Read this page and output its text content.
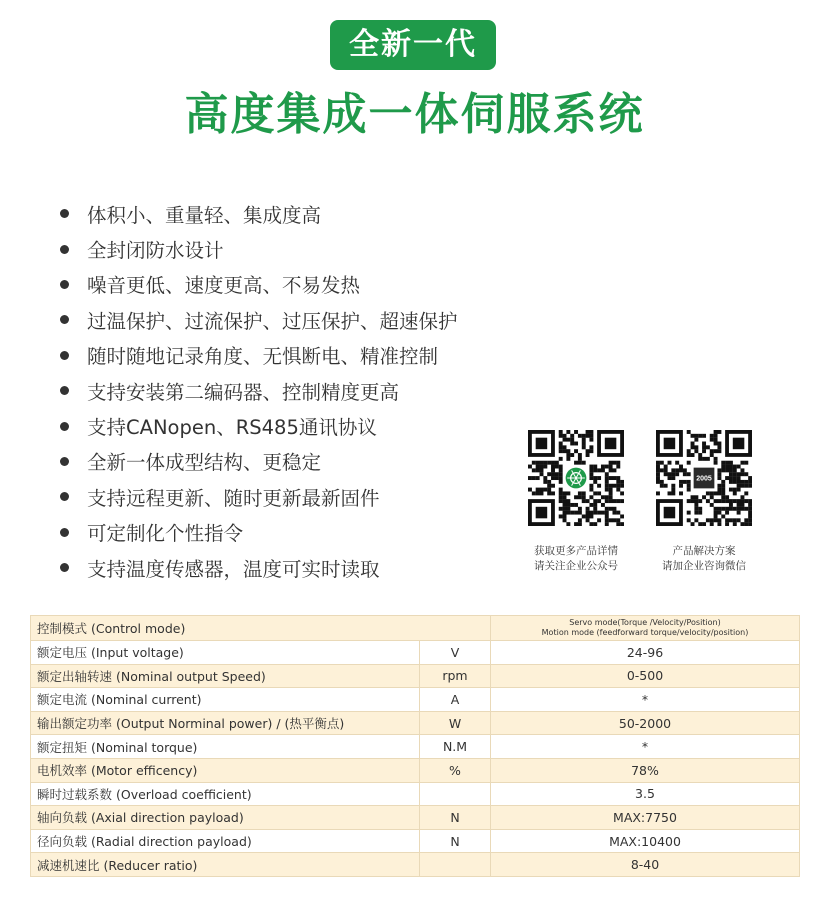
全新一代
高度集成一体伺服系统
体积小、重量轻、集成度高
全封闭防水设计
噪音更低、速度更高、不易发热
过温保护、过流保护、过压保护、超速保护
随时随地记录角度、无惧断电、精准控制
支持安装第二编码器、控制精度更高
支持CANopen、RS485通讯协议
全新一体成型结构、更稳定
支持远程更新、随时更新最新固件
可定制化个性指令
支持温度传感器，温度可实时读取
获取更多产品详情
请关注企业公众号
2005
产品解决方案
请加企业咨询微信
控制模式 (Control mode)		Servo mode(Torque /Velocity/Position)
Motion mode (feedforward torque/velocity/position)

额定电压 (Input voltage)	V	24-96
额定出轴转速 (Nominal output Speed)	rpm	0-500
额定电流 (Nominal current)	A	*
输出额定功率 (Output Norminal power) / (热平衡点)	W	50-2000
额定扭矩 (Nominal torque)	N.M	*
电机效率 (Motor efficency)	%	78%
瞬时过载系数 (Overload coefficient)		3.5
轴向负载 (Axial direction payload)	N	MAX:7750
径向负载 (Radial direction payload)	N	MAX:10400
减速机速比 (Reducer ratio)		8-40
